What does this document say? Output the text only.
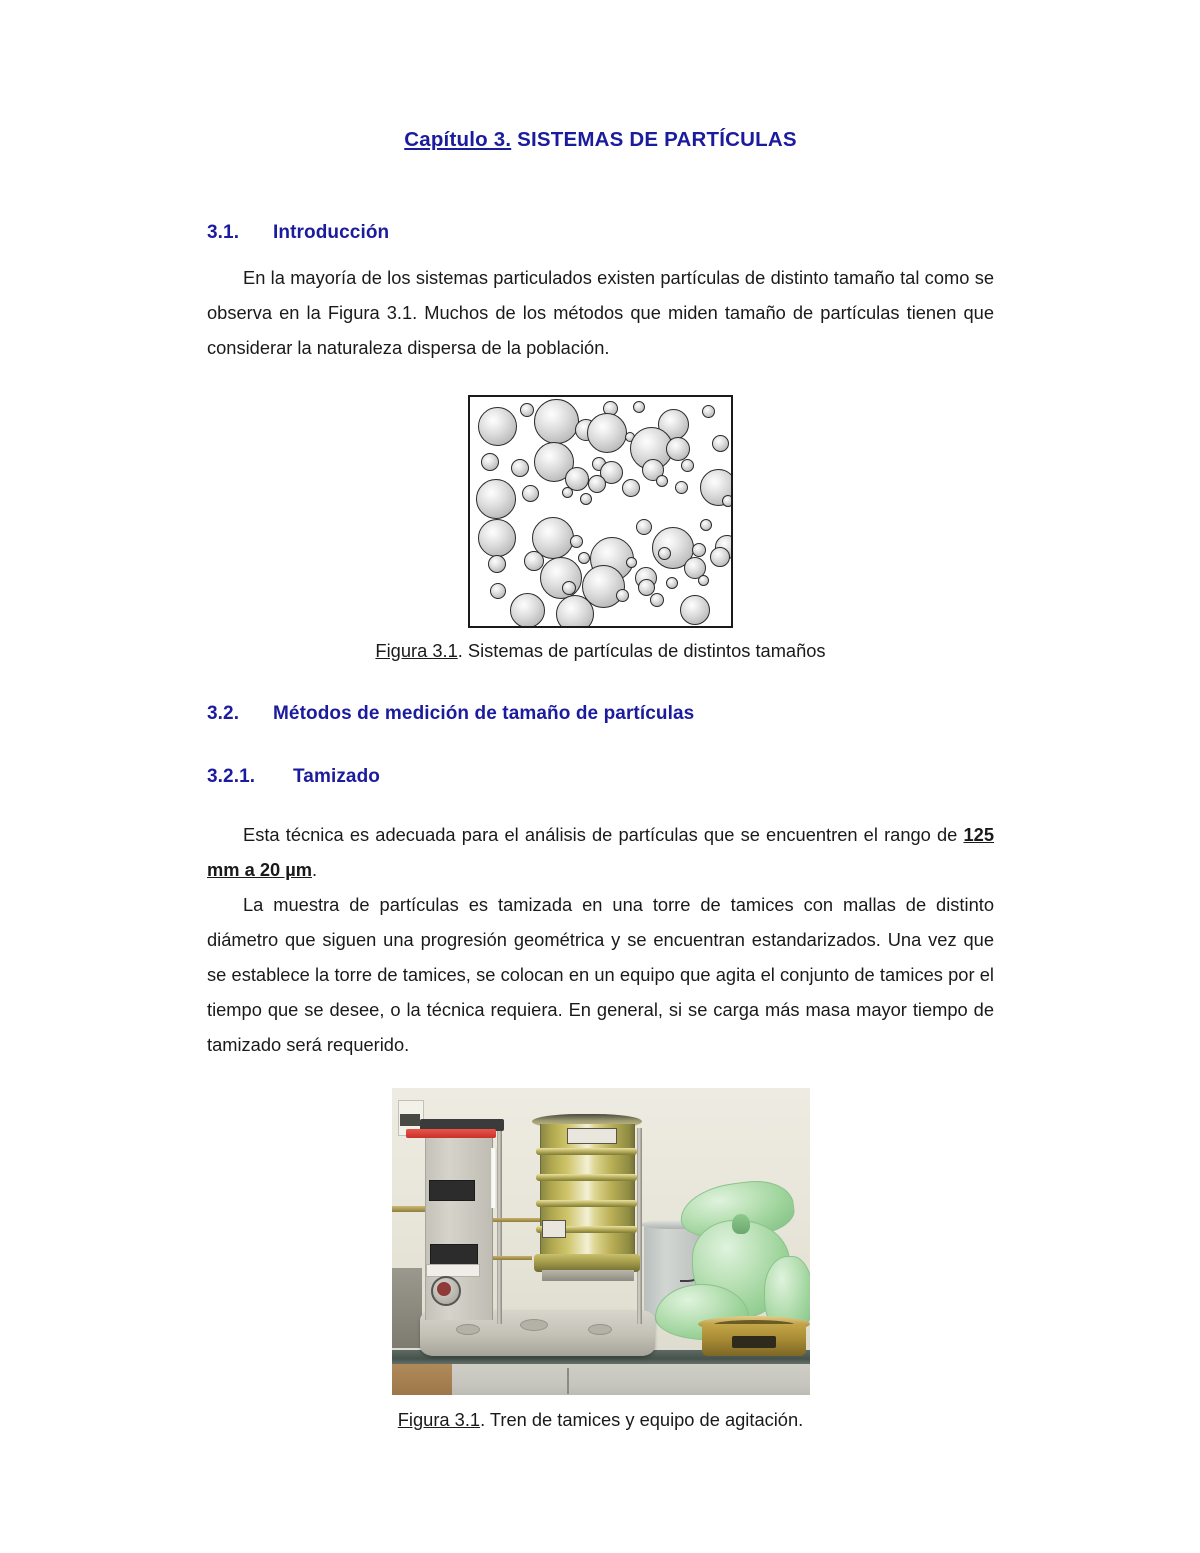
Capítulo 3. SISTEMAS DE PARTÍCULAS
3.1.	Introducción

En la mayoría de los sistemas particulados existen partículas de distinto tamaño tal como se observa en la Figura 3.1. Muchos de los métodos que miden tamaño de partículas tienen que considerar la naturaleza dispersa de la población.

Figura 3.1. Sistemas de partículas de distintos tamaños
3.2.	Métodos de medición de tamaño de partículas
3.2.1.	Tamizado

Esta técnica es adecuada para el análisis de partículas que se encuentren el rango de 125 mm a 20 µm.

La muestra de partículas es tamizada en una torre de tamices con mallas de distinto diámetro que siguen una progresión geométrica y se encuentran estandarizados. Una vez que se establece la torre de tamices, se colocan en un equipo que agita el conjunto de tamices por el tiempo que se desee, o la técnica requiera. En general, si se carga más masa mayor tiempo de tamizado será requerido.

Figura 3.1. Tren de tamices y equipo de agitación.
